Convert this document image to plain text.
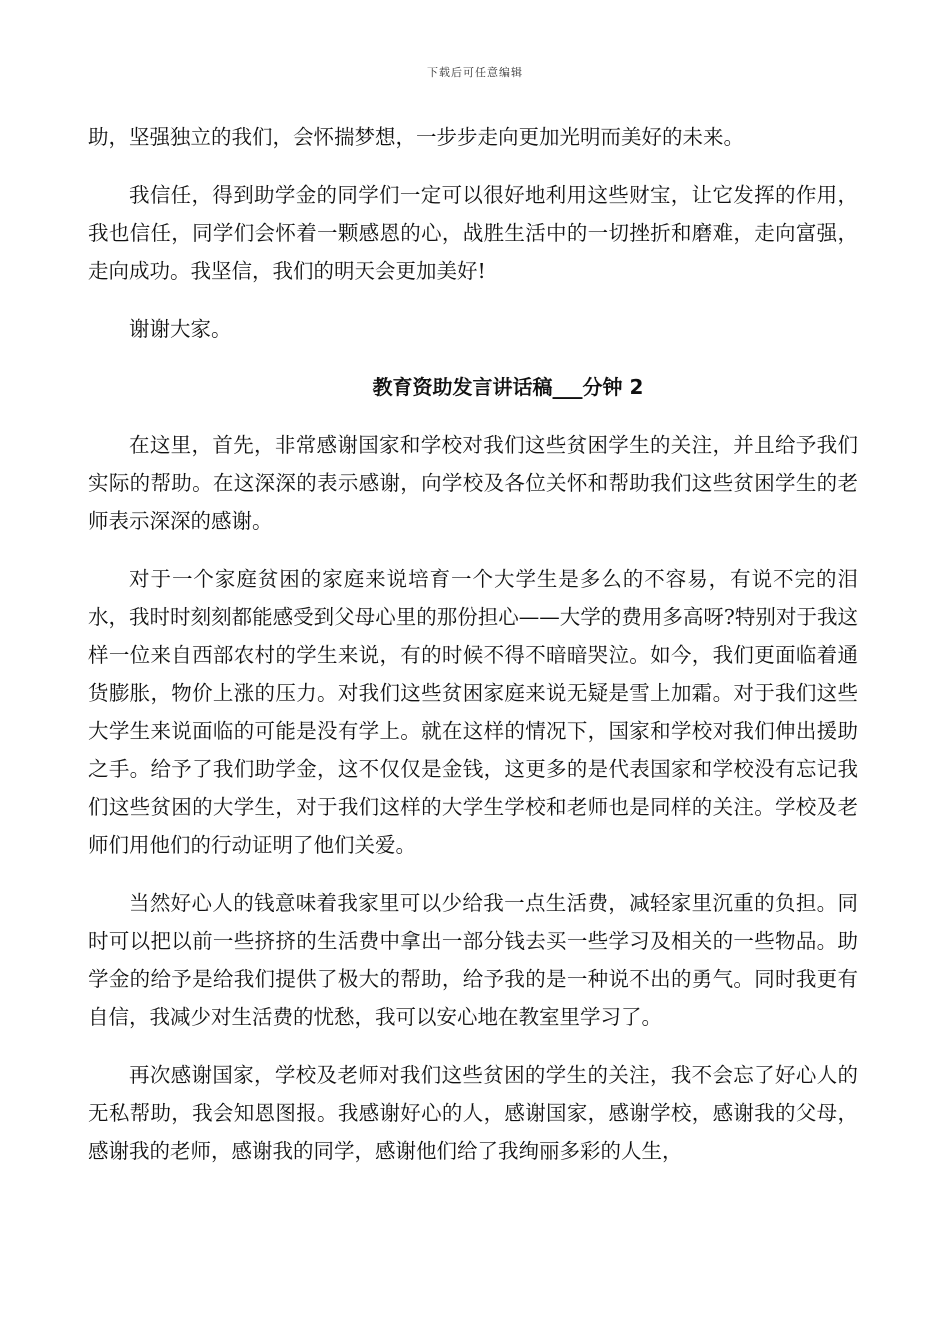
下载后可任意编辑

助，坚强独立的我们，会怀揣梦想，一步步走向更加光明而美好的未来。

我信任，得到助学金的同学们一定可以很好地利用这些财宝，让它发挥的作用，我也信任，同学们会怀着一颗感恩的心，战胜生活中的一切挫折和磨难，走向富强，走向成功。我坚信，我们的明天会更加美好!

谢谢大家。

教育资助发言讲话稿___分钟 2

在这里，首先，非常感谢国家和学校对我们这些贫困学生的关注，并且给予我们实际的帮助。在这深深的表示感谢，向学校及各位关怀和帮助我们这些贫困学生的老师表示深深的感谢。

对于一个家庭贫困的家庭来说培育一个大学生是多么的不容易，有说不完的泪水，我时时刻刻都能感受到父母心里的那份担心——大学的费用多高呀?特别对于我这样一位来自西部农村的学生来说，有的时候不得不暗暗哭泣。如今，我们更面临着通货膨胀，物价上涨的压力。对我们这些贫困家庭来说无疑是雪上加霜。对于我们这些大学生来说面临的可能是没有学上。就在这样的情况下，国家和学校对我们伸出援助之手。给予了我们助学金，这不仅仅是金钱，这更多的是代表国家和学校没有忘记我们这些贫困的大学生，对于我们这样的大学生学校和老师也是同样的关注。学校及老师们用他们的行动证明了他们关爱。

当然好心人的钱意味着我家里可以少给我一点生活费，减轻家里沉重的负担。同时可以把以前一些挤挤的生活费中拿出一部分钱去买一些学习及相关的一些物品。助学金的给予是给我们提供了极大的帮助，给予我的是一种说不出的勇气。同时我更有自信，我减少对生活费的忧愁，我可以安心地在教室里学习了。

再次感谢国家，学校及老师对我们这些贫困的学生的关注，我不会忘了好心人的无私帮助，我会知恩图报。我感谢好心的人，感谢国家，感谢学校，感谢我的父母，感谢我的老师，感谢我的同学，感谢他们给了我绚丽多彩的人生，
